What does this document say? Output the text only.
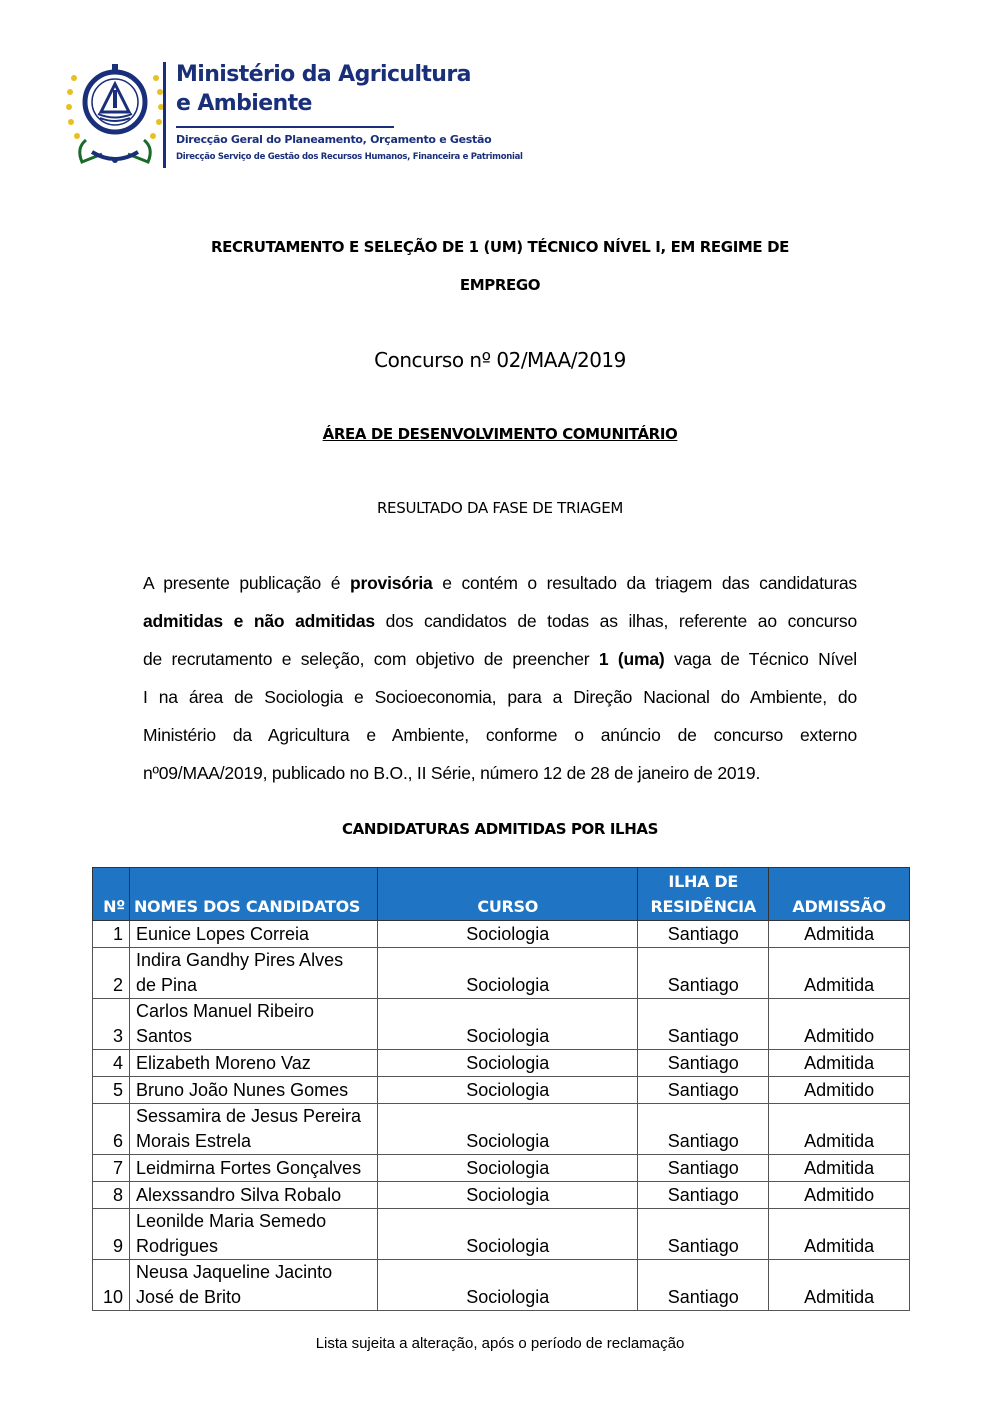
Ministério da Agricultura
e Ambiente
Direcção Geral do Planeamento, Orçamento e Gestão
Direcção Serviço de Gestão dos Recursos Humanos, Financeira e Patrimonial
RECRUTAMENTO E SELEÇÃO DE 1 (UM) TÉCNICO NÍVEL I, EM REGIME DE
EMPREGO
Concurso nº 02/MAA/2019
ÁREA DE DESENVOLVIMENTO COMUNITÁRIO
RESULTADO DA FASE DE TRIAGEM
A presente publicação é provisória e contém o resultado da triagem das candidaturas
admitidas e não admitidas dos candidatos de todas as ilhas, referente ao concurso
de recrutamento e seleção, com objetivo de preencher 1 (uma) vaga de Técnico Nível
I na área de Sociologia e Socioeconomia, para a Direção Nacional do Ambiente, do
Ministério da Agricultura e Ambiente, conforme o anúncio de concurso externo
nº09/MAA/2019, publicado no B.O., II Série, número 12 de 28 de janeiro de 2019.
CANDIDATURAS ADMITIDAS POR ILHAS
Nº	NOMES DOS CANDIDATOS	CURSO	ILHA DE
RESIDÊNCIA	ADMISSÃO
1	Eunice Lopes Correia	Sociologia	Santiago	Admitida
2	Indira Gandhy Pires Alves
de Pina	Sociologia	Santiago	Admitida
3	Carlos Manuel Ribeiro
Santos	Sociologia	Santiago	Admitido
4	Elizabeth Moreno Vaz	Sociologia	Santiago	Admitida
5	Bruno João Nunes Gomes	Sociologia	Santiago	Admitido
6	Sessamira de Jesus Pereira
Morais Estrela	Sociologia	Santiago	Admitida
7	Leidmirna Fortes Gonçalves	Sociologia	Santiago	Admitida
8	Alexssandro Silva Robalo	Sociologia	Santiago	Admitido
9	Leonilde Maria Semedo
Rodrigues	Sociologia	Santiago	Admitida
10	Neusa Jaqueline Jacinto
José de Brito	Sociologia	Santiago	Admitida
Lista sujeita a alteração, após o período de reclamação
